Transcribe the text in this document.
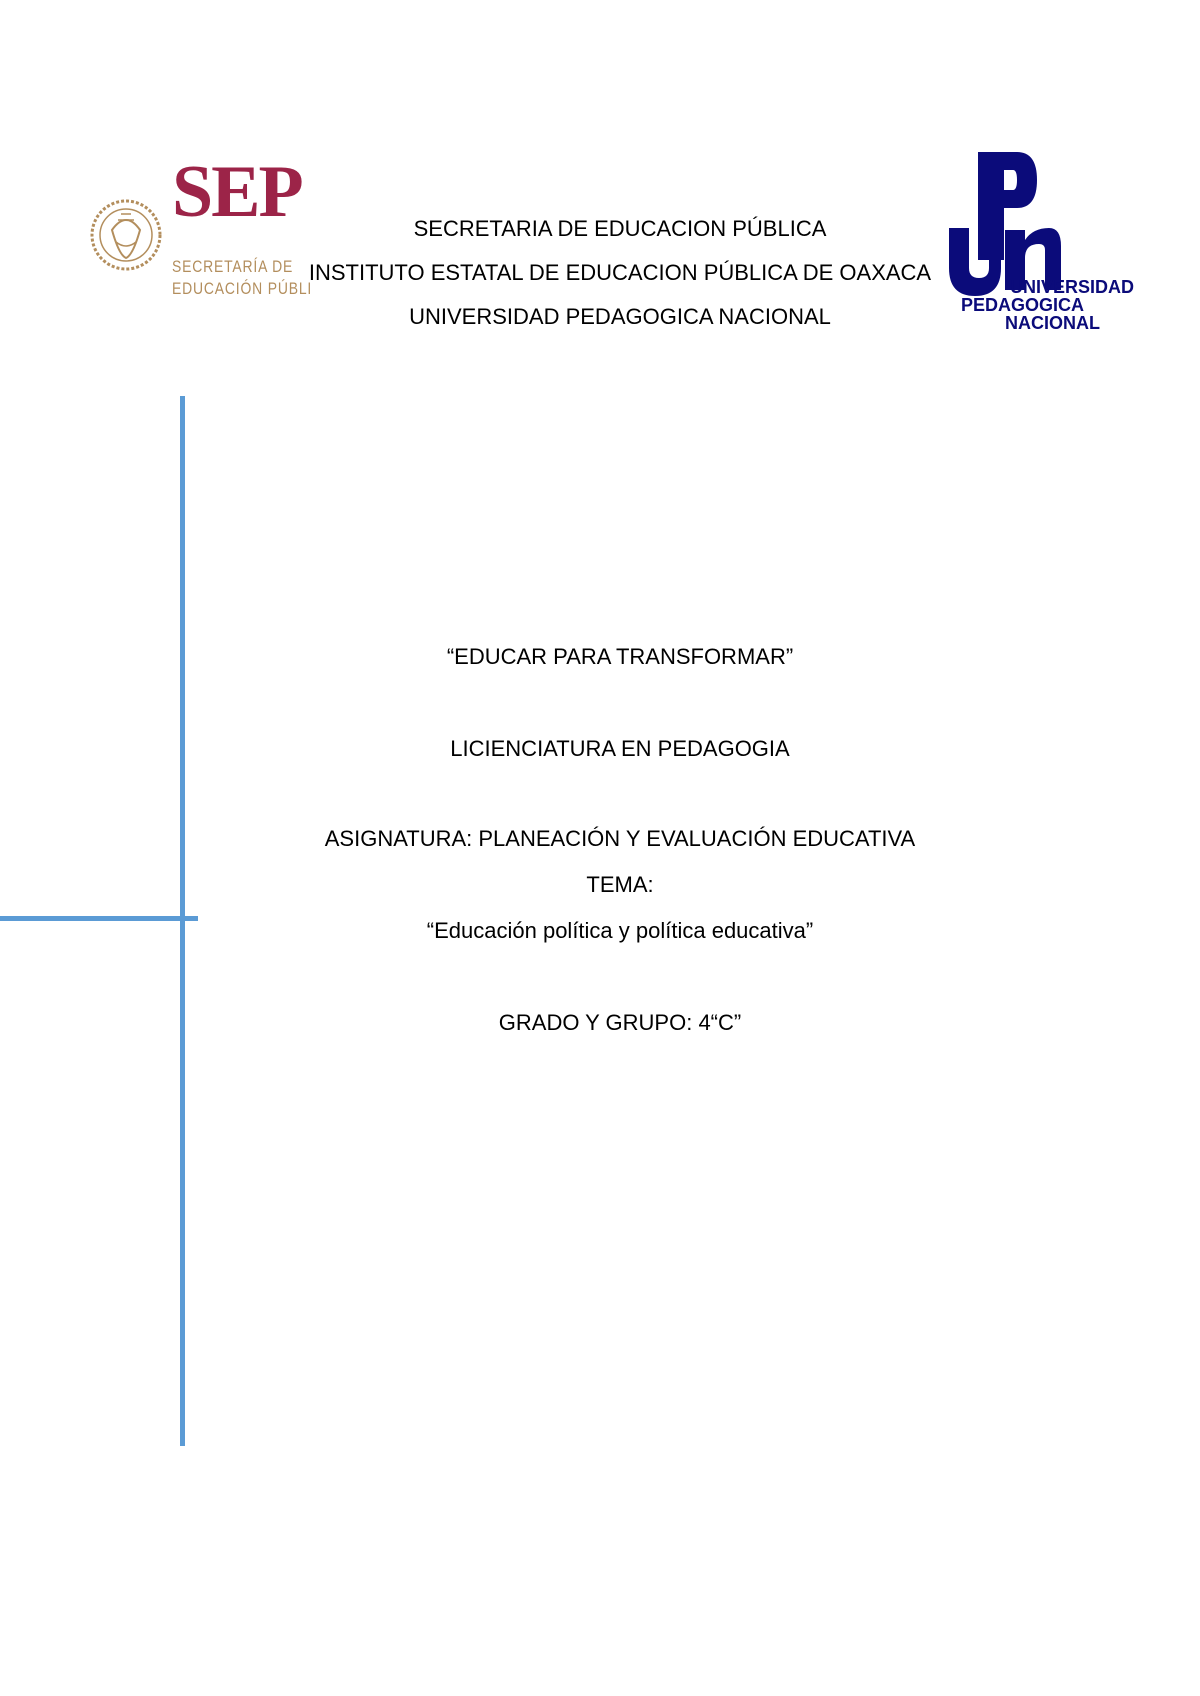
SEP
SECRETARÍA DE
EDUCACIÓN PÚBLI
SECRETARIA DE EDUCACION PÚBLICA
INSTITUTO ESTATAL DE EDUCACION PÚBLICA DE OAXACA
UNIVERSIDAD PEDAGOGICA NACIONAL
UNIVERSIDAD
PEDAGOGICA
NACIONAL
“EDUCAR PARA TRANSFORMAR”
LICIENCIATURA EN PEDAGOGIA
ASIGNATURA: PLANEACIÓN Y EVALUACIÓN EDUCATIVA
TEMA:
“Educación política y política educativa”
GRADO Y GRUPO: 4“C”
